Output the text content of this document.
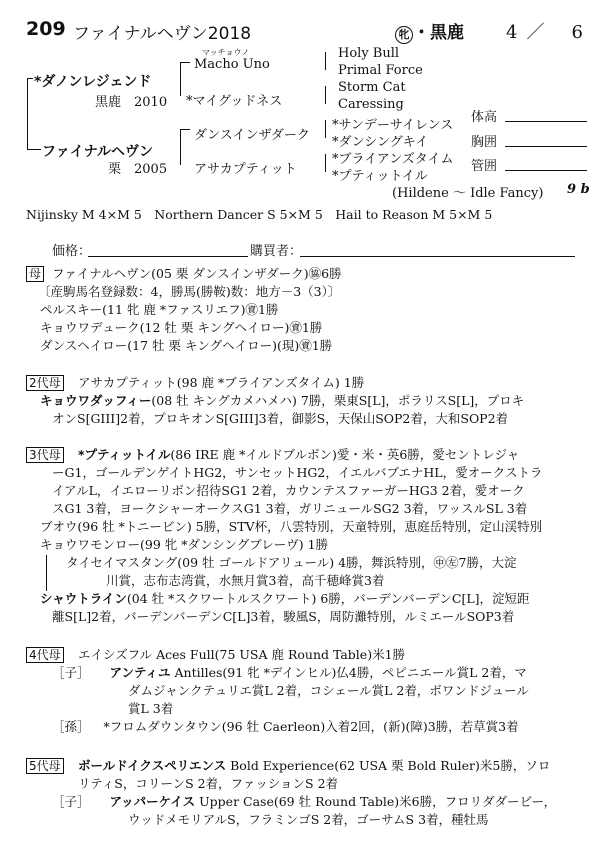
209 ファイナルヘヴン2018	牝 ・黒鹿 4 ／ 6
*ダノンレジェンド
黒鹿　2010
ファイナルヘヴン
栗　2005
マッチョウノ
Macho Uno
*マイグッドネス
ダンスインザダーク
アサカプティット
Holy Bull
Primal Force
Storm Cat
Caressing
*サンデーサイレンス
*ダンシングキイ
*ブライアンズタイム
*プティットイル
(Hildene ～ Idle Fancy) 9 b
体高
胸囲
管囲
Nijinsky M 4×M 5　Northern Dancer S 5×M 5　Hail to Reason M 5×M 5
価格：	購買者：
母 ファイナルヘヴン(05 栗 ダンスインザダーク)㊯6勝
〔産駒馬名登録数：4，勝馬(勝鞍)数：地方－3（3）〕
ペルスキー(11 牝 鹿 *ファスリエフ)㊮1勝
キョウワデューク(12 牡 栗 キングヘイロー)㊮1勝
ダンスヘイロー(17 牡 栗 キングヘイロー)(現)㊮1勝
2代母 アサカプティット(98 鹿 *ブライアンズタイム) 1勝
キョウワダッフィー(08 牡 キングカメハメハ) 7勝，栗東S[L]，ポラリスS[L]，プロキ
オンS[GIII]2着，プロキオンS[GIII]3着，御影S，天保山SOP2着，大和SOP2着
3代母 *プティットイル(86 IRE 鹿 *イルドブルボン)愛・米・英6勝，愛セントレジャ
ーG1，ゴールデンゲイトHG2，サンセットHG2，イエルバブエナHL，愛オークストラ
イアルL，イエローリボン招待SG1 2着，カウンテスファーガーHG3 2着，愛オーク
スG1 3着，ヨークシャーオークスG1 3着，ガリニュールSG2 3着，ワッスルSL 3着
ブオウ(96 牡 *トニービン) 5勝，STV杯，八雲特別，天童特別，恵庭岳特別，定山渓特別
キョウワモンロー(99 牝 *ダンシングブレーヴ) 1勝
タイセイマスタング(09 牡 ゴールドアリュール) 4勝，舞浜特別，㊥㊧7勝，大淀
川賞，志布志湾賞，水無月賞3着，高千穂峰賞3着
シャウトライン(04 牡 *スクワートルスクワート) 6勝，バーデンバーデンC[L]，淀短距
離S[L]2着，バーデンバーデンC[L]3着，駿風S，周防灘特別，ルミエールSOP3着
4代母 エイシズフル Aces Full(75 USA 鹿 Round Table)米1勝
［子］ アンティユ Antilles(91 牝 *デインヒル)仏4勝，ペピニエール賞L 2着，マ
ダムジャンクテュリエ賞L 2着，コシェール賞L 2着，ボワンドジュール
賞L 3着
［孫］ *フロムダウンタウン(96 牡 Caerleon)入着2回，(新)(障)3勝，若草賞3着
5代母 ボールドイクスペリエンス Bold Experience(62 USA 栗 Bold Ruler)米5勝，ソロ
リティS，コリーンS 2着，ファッションS 2着
［子］ アッパーケイス Upper Case(69 牡 Round Table)米6勝，フロリダダービー，
ウッドメモリアルS，フラミンゴS 2着，ゴーサムS 3着，種牡馬
